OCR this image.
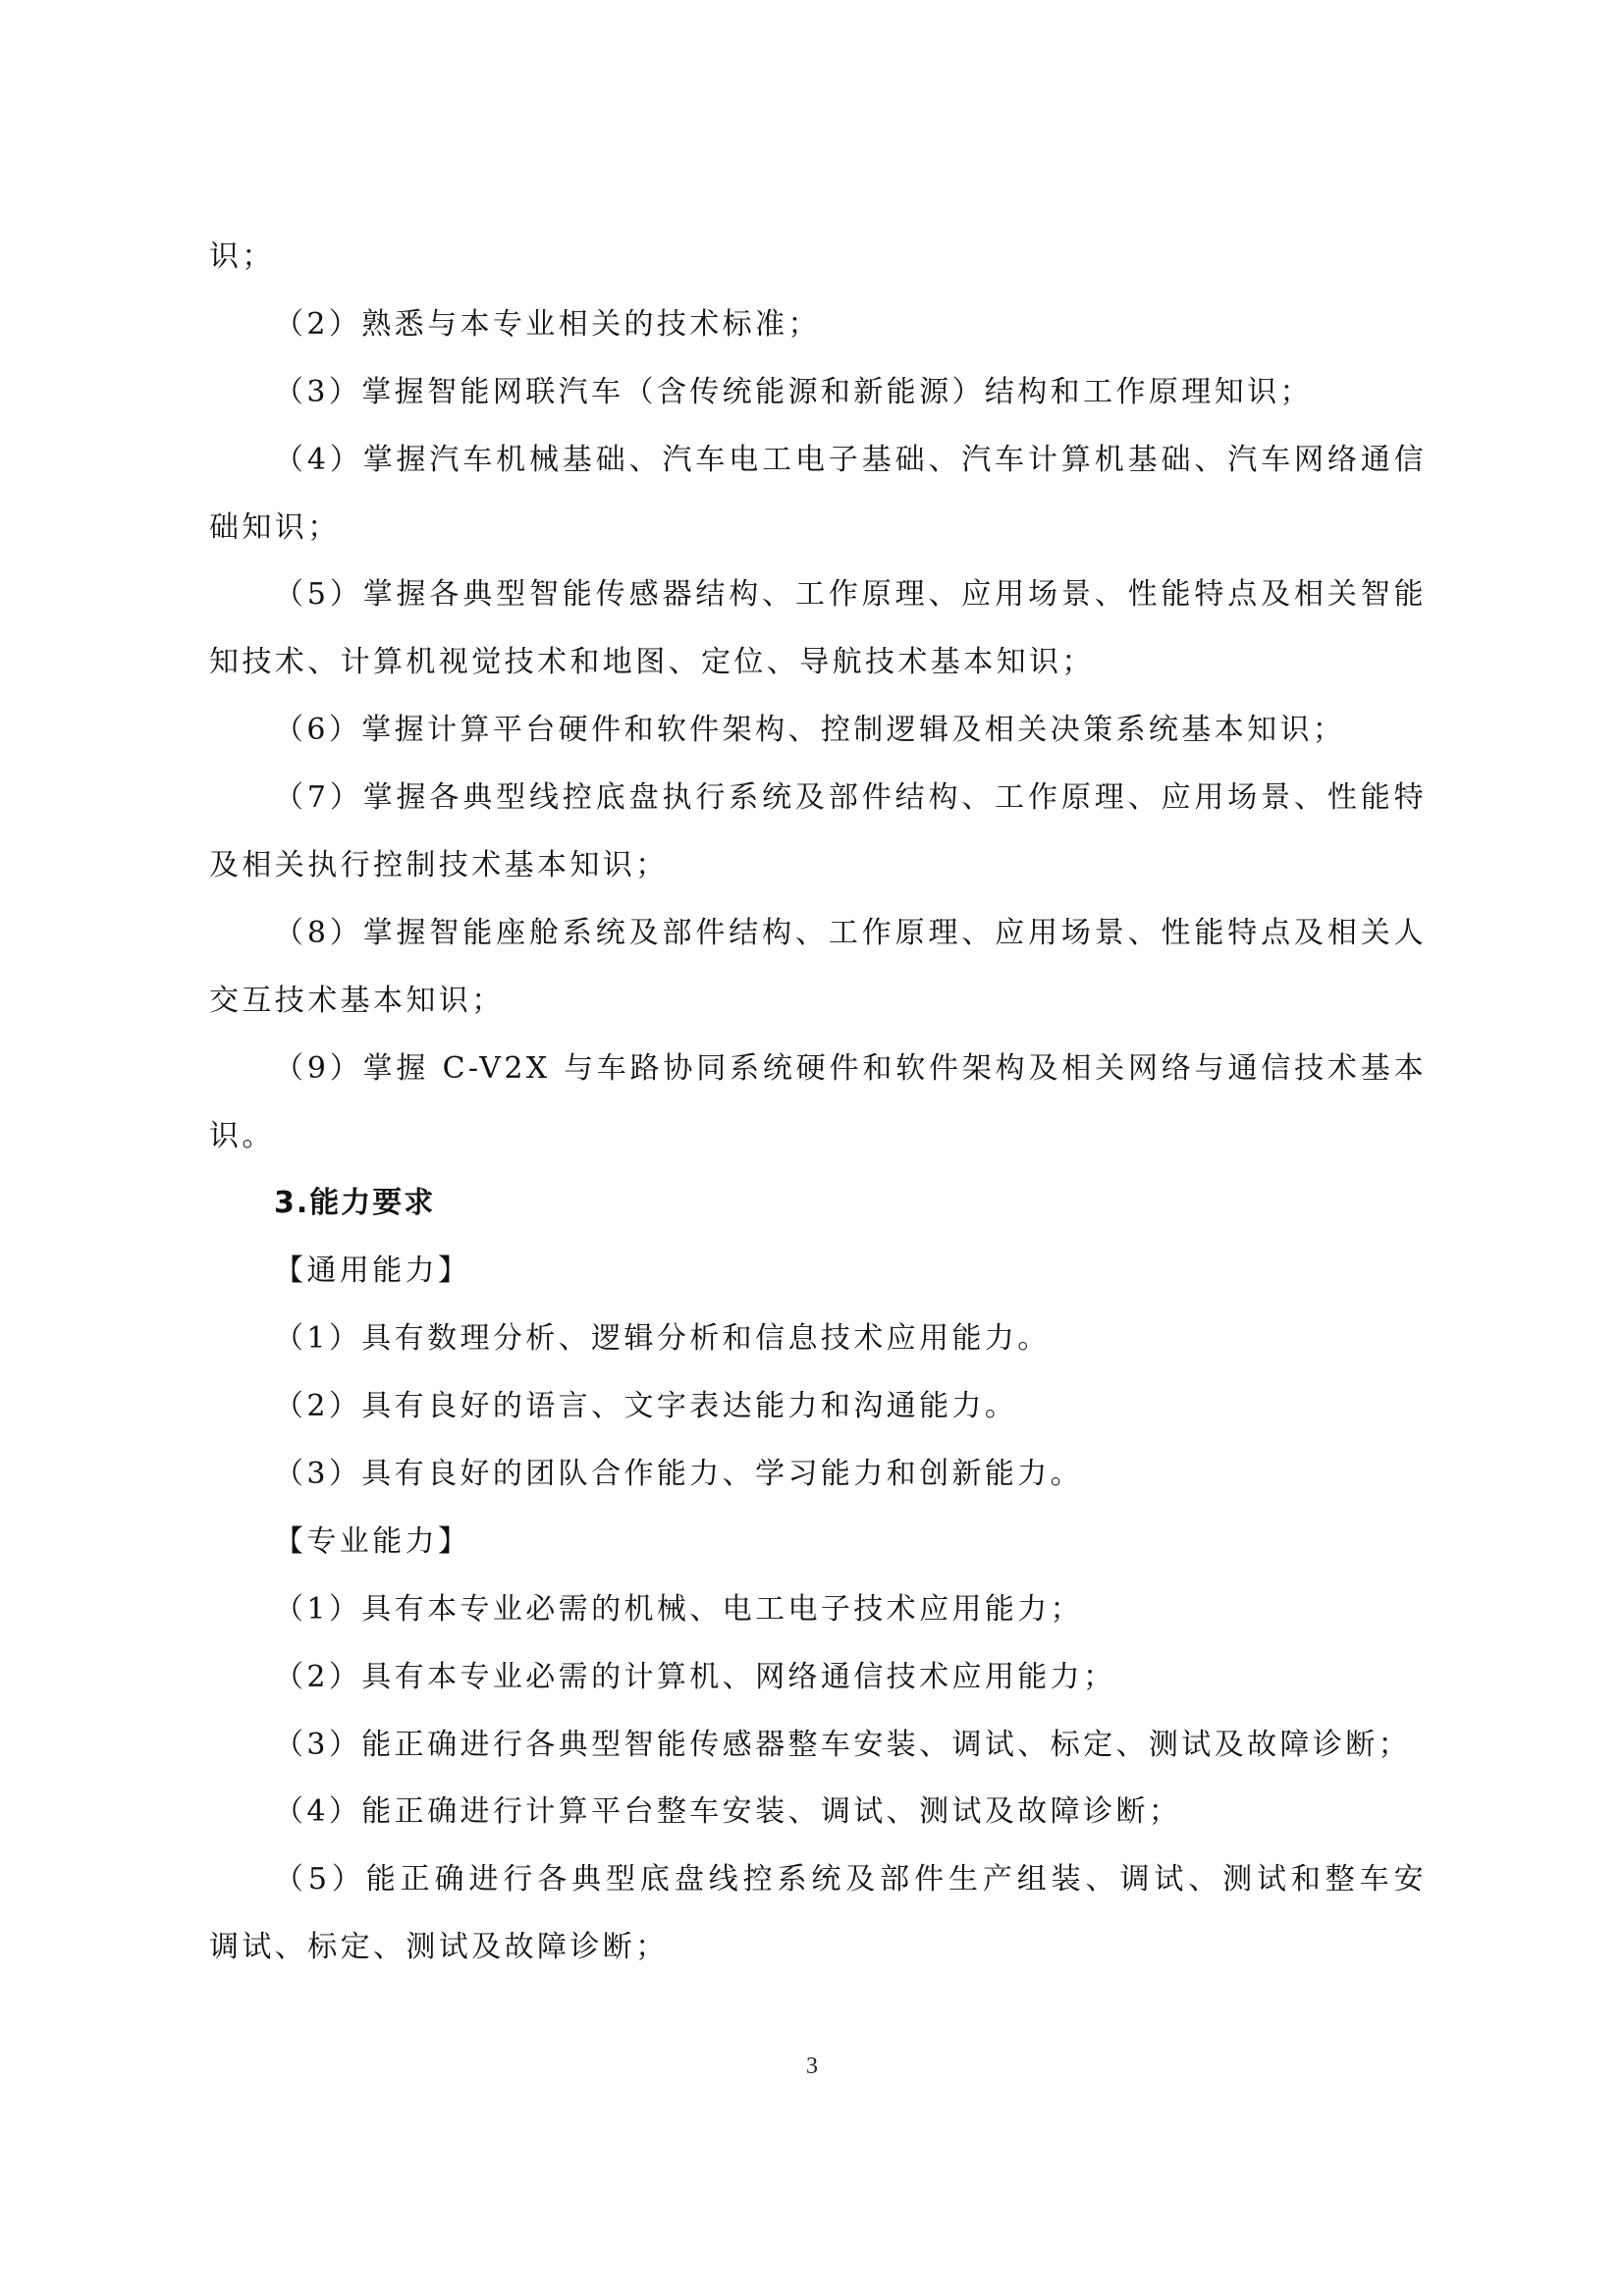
识；
（2）熟悉与本专业相关的技术标准；
（3）掌握智能网联汽车（含传统能源和新能源）结构和工作原理知识；
（4）掌握汽车机械基础、汽车电工电子基础、汽车计算机基础、汽车网络通信
础知识；
（5）掌握各典型智能传感器结构、工作原理、应用场景、性能特点及相关智能
知技术、计算机视觉技术和地图、定位、导航技术基本知识；
（6）掌握计算平台硬件和软件架构、控制逻辑及相关决策系统基本知识；
（7）掌握各典型线控底盘执行系统及部件结构、工作原理、应用场景、性能特
及相关执行控制技术基本知识；
（8）掌握智能座舱系统及部件结构、工作原理、应用场景、性能特点及相关人
交互技术基本知识；
（9）掌握 C-V2X 与车路协同系统硬件和软件架构及相关网络与通信技术基本
识。
3.能力要求
【通用能力】
（1）具有数理分析、逻辑分析和信息技术应用能力。
（2）具有良好的语言、文字表达能力和沟通能力。
（3）具有良好的团队合作能力、学习能力和创新能力。
【专业能力】
（1）具有本专业必需的机械、电工电子技术应用能力；
（2）具有本专业必需的计算机、网络通信技术应用能力；
（3）能正确进行各典型智能传感器整车安装、调试、标定、测试及故障诊断；
（4）能正确进行计算平台整车安装、调试、测试及故障诊断；
（5）能正确进行各典型底盘线控系统及部件生产组装、调试、测试和整车安
调试、标定、测试及故障诊断；
3
